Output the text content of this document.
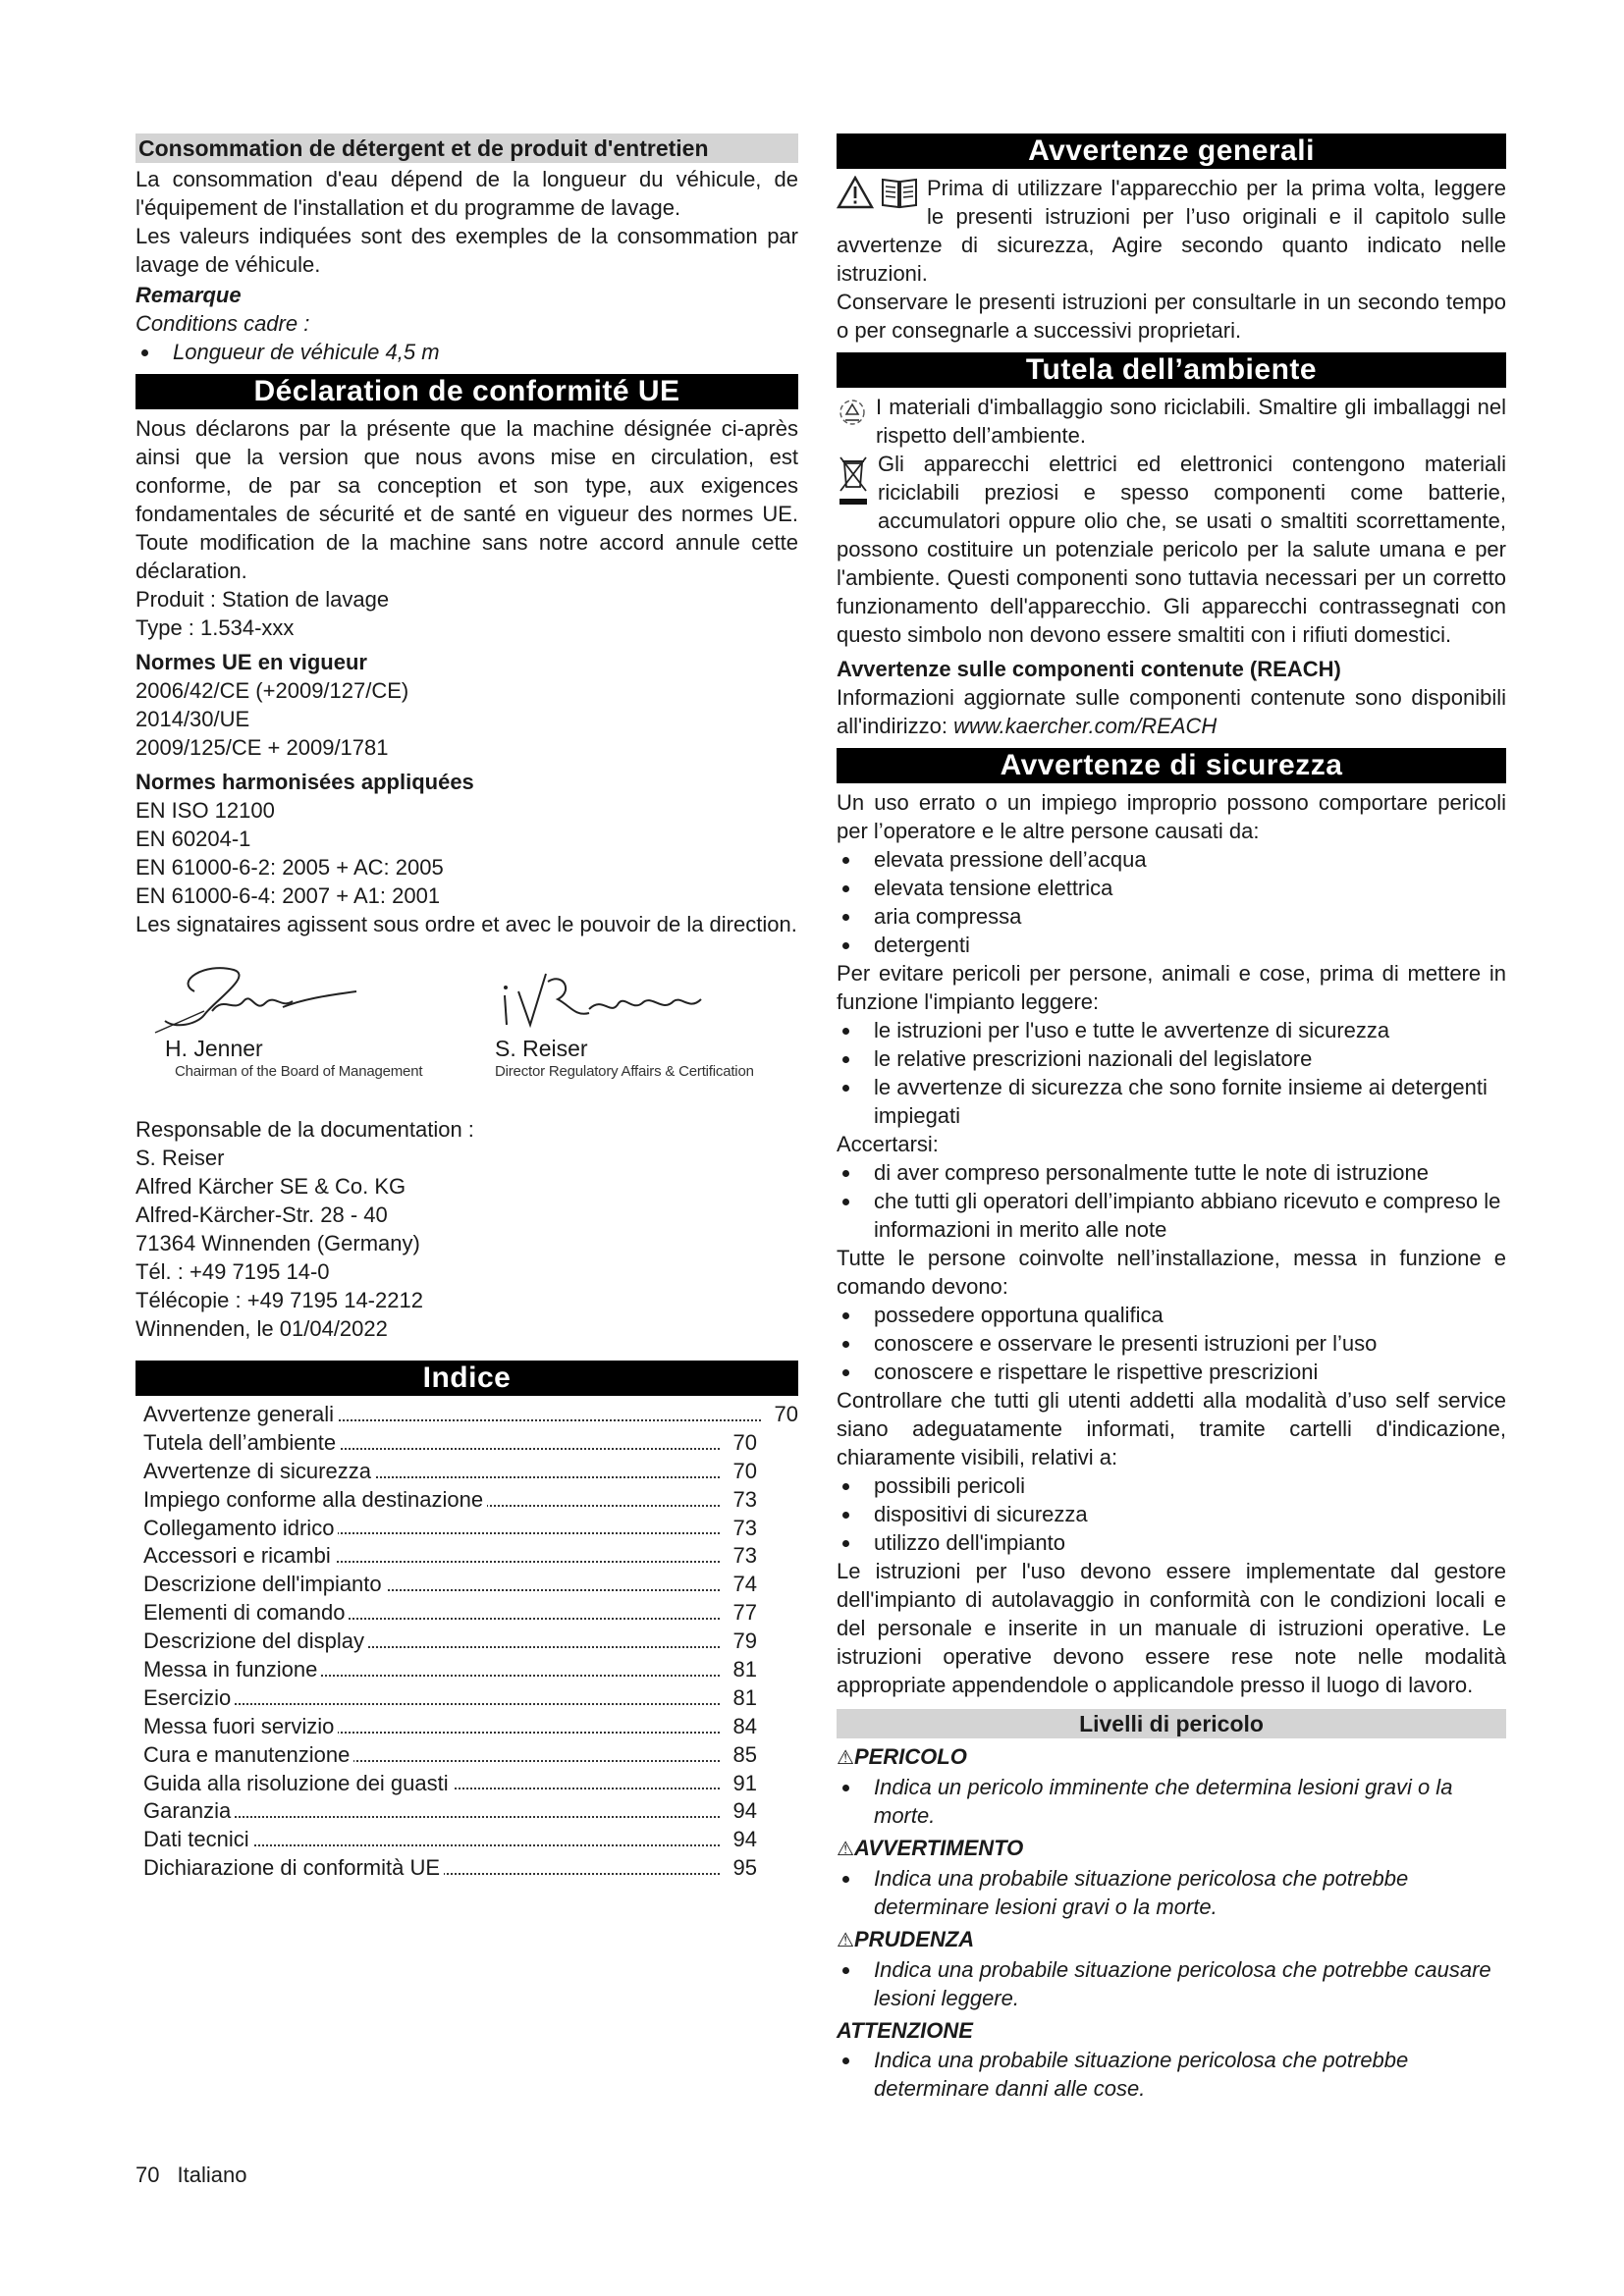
Consommation de détergent et de produit d'entretien

La consommation d'eau dépend de la longueur du véhicule, de l'équipement de l'installation et du programme de lavage.

Les valeurs indiquées sont des exemples de la consommation par lavage de véhicule.

Remarque
Conditions cadre :
Longueur de véhicule 4,5 m
Déclaration de conformité UE

Nous déclarons par la présente que la machine désignée ci-après ainsi que la version que nous avons mise en circulation, est conforme, de par sa conception et son type, aux exigences fondamentales de sécurité et de santé en vigueur des normes UE. Toute modification de la machine sans notre accord annule cette déclaration.

Produit : Station de lavage
Type : 1.534-xxx
Normes UE en vigueur
2006/42/CE (+2009/127/CE)
2014/30/UE
2009/125/CE + 2009/1781
Normes harmonisées appliquées
EN ISO 12100
EN 60204-1
EN 61000-6-2: 2005 + AC: 2005
EN 61000-6-4: 2007 + A1: 2001

Les signataires agissent sous ordre et avec le pouvoir de la direction.

H. Jenner
Chairman of the Board of Management
S. Reiser
Director Regulatory Affairs & Certification
Responsable de la documentation :
S. Reiser
Alfred Kärcher SE & Co. KG
Alfred-Kärcher-Str. 28 - 40
71364 Winnenden (Germany)
Tél. : +49 7195 14-0
Télécopie : +49 7195 14-2212
Winnenden, le 01/04/2022
Indice
Avvertenze generali	70
Tutela dell’ambiente	70
Avvertenze di sicurezza	70
Impiego conforme alla destinazione	73
Collegamento idrico	73
Accessori e ricambi	73
Descrizione dell'impianto	74
Elementi di comando	77
Descrizione del display	79
Messa in funzione	81
Esercizio	81
Messa fuori servizio	84
Cura e manutenzione	85
Guida alla risoluzione dei guasti	91
Garanzia	94
Dati tecnici	94
Dichiarazione di conformità UE	95
Avvertenze generali

Prima di utilizzare l'apparecchio per la prima volta, leggere le presenti istruzioni per l’uso originali e il capitolo sulle avvertenze di sicurezza, Agire secondo quanto indicato nelle istruzioni.

Conservare le presenti istruzioni per consultarle in un secondo tempo o per consegnarle a successivi proprietari.

Tutela dell’ambiente

I materiali d'imballaggio sono riciclabili. Smaltire gli imballaggi nel rispetto dell’ambiente.

Gli apparecchi elettrici ed elettronici contengono materiali riciclabili preziosi e spesso componenti come batterie, accumulatori oppure olio che, se usati o smaltiti scorrettamente, possono costituire un potenziale pericolo per la salute umana e per l'ambiente. Questi componenti sono tuttavia necessari per un corretto funzionamento dell'apparecchio. Gli apparecchi contrassegnati con questo simbolo non devono essere smaltiti con i rifiuti domestici.

Avvertenze sulle componenti contenute (REACH)

Informazioni aggiornate sulle componenti contenute sono disponibili all'indirizzo: www.kaercher.com/REACH

Avvertenze di sicurezza

Un uso errato o un impiego improprio possono comportare pericoli per l’operatore e le altre persone causati da:

elevata pressione dell’acqua
elevata tensione elettrica
aria compressa
detergenti

Per evitare pericoli per persone, animali e cose, prima di mettere in funzione l'impianto leggere:

le istruzioni per l'uso e tutte le avvertenze di sicurezza
le relative prescrizioni nazionali del legislatore
le avvertenze di sicurezza che sono fornite insieme ai detergenti impiegati

Accertarsi:

di aver compreso personalmente tutte le note di istruzione
che tutti gli operatori dell’impianto abbiano ricevuto e compreso le informazioni in merito alle note

Tutte le persone coinvolte nell’installazione, messa in funzione e comando devono:

possedere opportuna qualifica
conoscere e osservare le presenti istruzioni per l’uso
conoscere e rispettare le rispettive prescrizioni

Controllare che tutti gli utenti addetti alla modalità d’uso self service siano adeguatamente informati, tramite cartelli d'indicazione, chiaramente visibili, relativi a:

possibili pericoli
dispositivi di sicurezza
utilizzo dell'impianto

Le istruzioni per l'uso devono essere implementate dal gestore dell'impianto di autolavaggio in conformità con le condizioni locali e del personale e inserite in un manuale di istruzioni operative. Le istruzioni operative devono essere rese note nelle modalità appropriate appendendole o applicandole presso il luogo di lavoro.

Livelli di pericolo
⚠PERICOLO
Indica un pericolo imminente che determina lesioni gravi o la morte.
⚠AVVERTIMENTO
Indica una probabile situazione pericolosa che potrebbe determinare lesioni gravi o la morte.
⚠PRUDENZA
Indica una probabile situazione pericolosa che potrebbe causare lesioni leggere.
ATTENZIONE
Indica una probabile situazione pericolosa che potrebbe determinare danni alle cose.
70 Italiano
